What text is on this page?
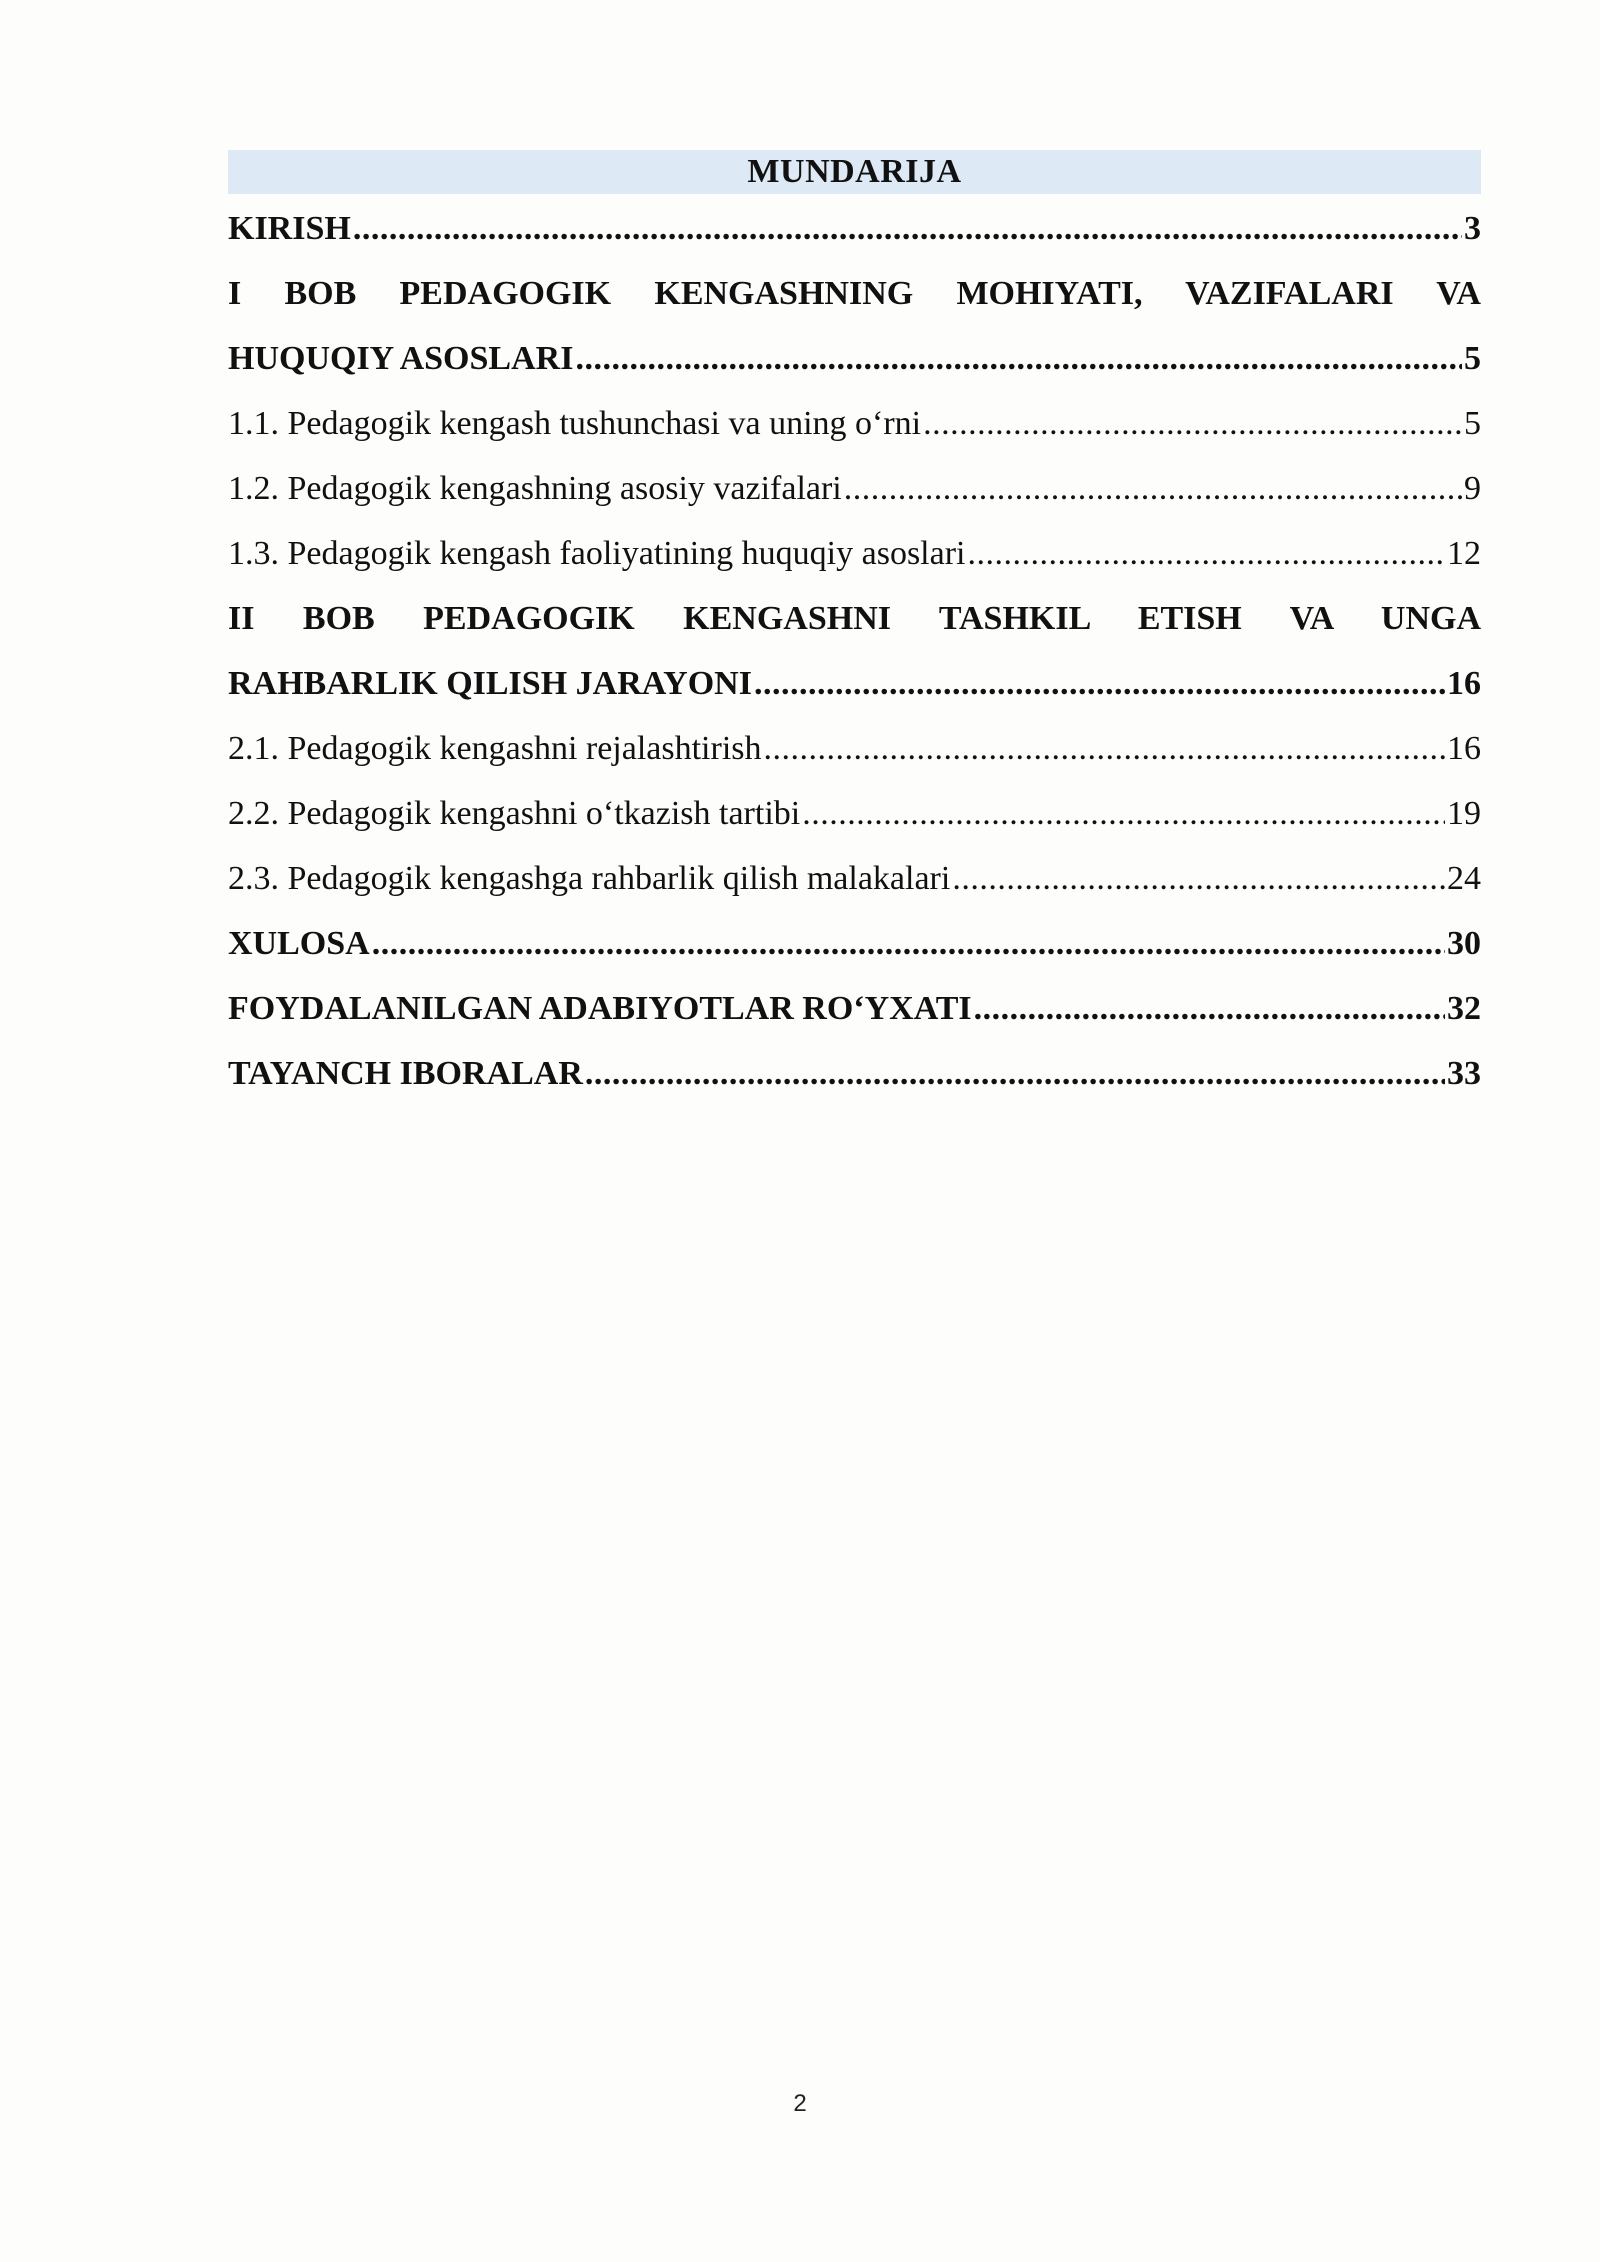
MUNDARIJA
KIRISH .....	3
I BOB PEDAGOGIK KENGASHNING MOHIYATI, VAZIFALARI VA
HUQUQIY ASOSLARI .....	5
1.1. Pedagogik kengash tushunchasi va uning o‘rni .....	5
1.2. Pedagogik kengashning asosiy vazifalari .....	9
1.3. Pedagogik kengash faoliyatining huquqiy asoslari .....	12
II BOB PEDAGOGIK KENGASHNI TASHKIL ETISH VA UNGA
RAHBARLIK QILISH JARAYONI .....	16
2.1. Pedagogik kengashni rejalashtirish .....	16
2.2. Pedagogik kengashni o‘tkazish tartibi .....	19
2.3. Pedagogik kengashga rahbarlik qilish malakalari .....	24
XULOSA .....	30
FOYDALANILGAN ADABIYOTLAR RO‘YXATI .....	32
TAYANCH IBORALAR .....	33
2
